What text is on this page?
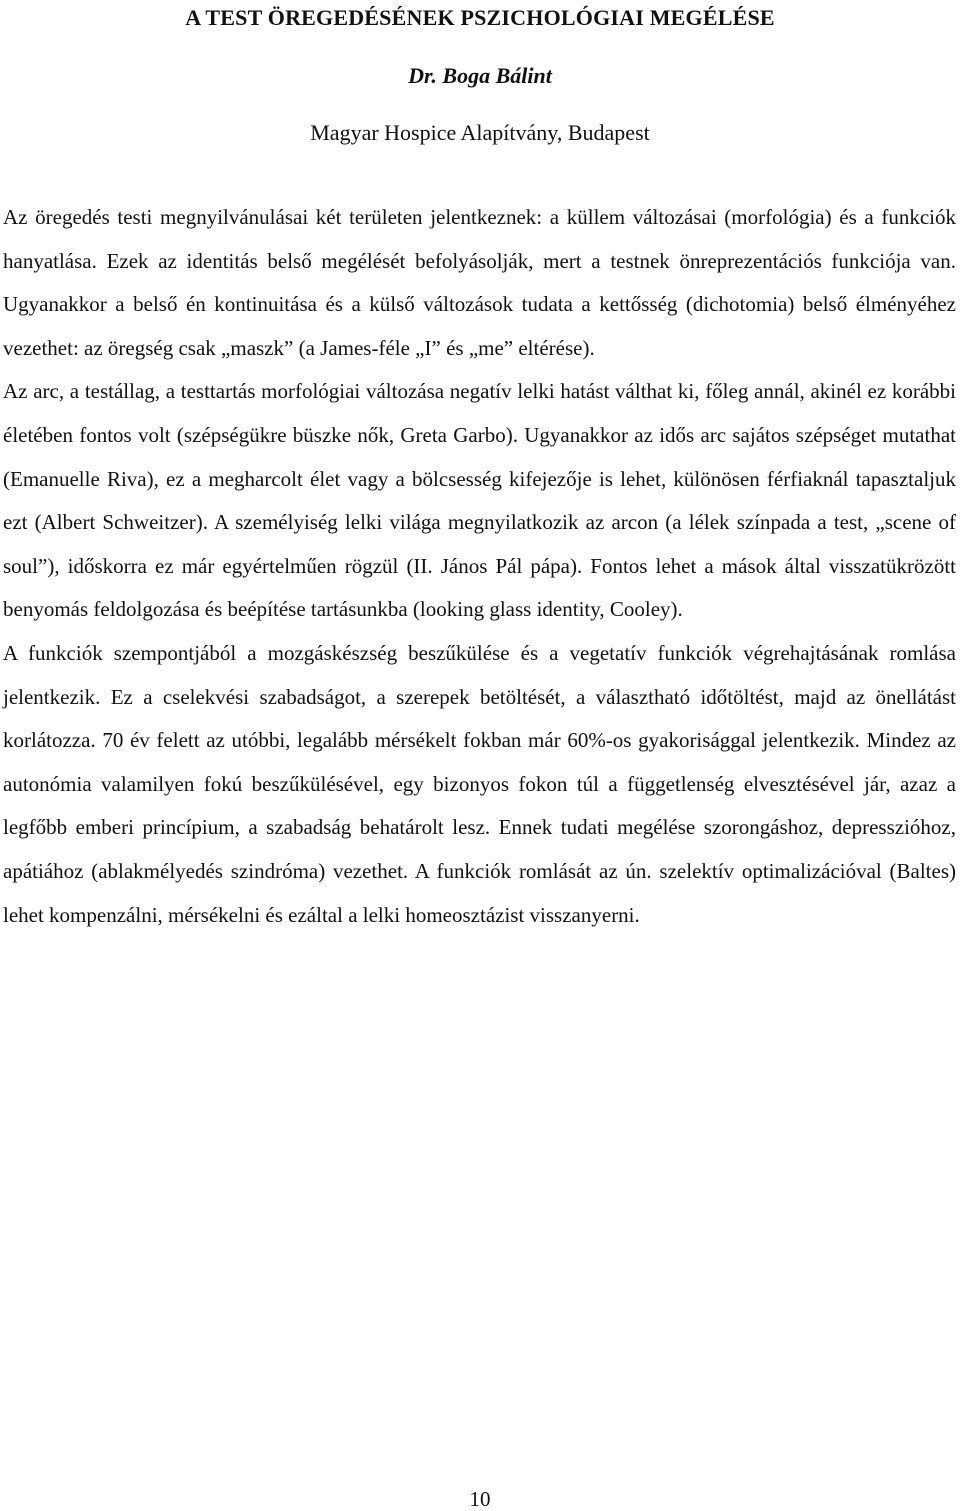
A TEST ÖREGEDÉSÉNEK PSZICHOLÓGIAI MEGÉLÉSE
Dr. Boga Bálint
Magyar Hospice Alapítvány, Budapest

Az öregedés testi megnyilvánulásai két területen jelentkeznek: a küllem változásai (morfológia) és a funkciók hanyatlása. Ezek az identitás belső megélését befolyásolják, mert a testnek önreprezentációs funkciója van. Ugyanakkor a belső én kontinuitása és a külső változások tudata a kettősség (dichotomia) belső élményéhez vezethet: az öregség csak „maszk” (a James-féle „I” és „me” eltérése).

Az arc, a testállag, a testtartás morfológiai változása negatív lelki hatást válthat ki, főleg annál, akinél ez korábbi életében fontos volt (szépségükre büszke nők, Greta Garbo). Ugyanakkor az idős arc sajátos szépséget mutathat (Emanuelle Riva), ez a megharcolt élet vagy a bölcsesség kifejezője is lehet, különösen férfiaknál tapasztaljuk ezt (Albert Schweitzer). A személyiség lelki világa megnyilatkozik az arcon (a lélek színpada a test, „scene of soul”), időskorra ez már egyértelműen rögzül (II. János Pál pápa). Fontos lehet a mások által visszatükrözött benyomás feldolgozása és beépítése tartásunkba (looking glass identity, Cooley).

A funkciók szempontjából a mozgáskészség beszűkülése és a vegetatív funkciók végrehajtásának romlása jelentkezik. Ez a cselekvési szabadságot, a szerepek betöltését, a választható időtöltést, majd az önellátást korlátozza. 70 év felett az utóbbi, legalább mérsékelt fokban már 60%-os gyakorisággal jelentkezik. Mindez az autonómia valamilyen fokú beszűkülésével, egy bizonyos fokon túl a függetlenség elvesztésével jár, azaz a legfőbb emberi princípium, a szabadság behatárolt lesz. Ennek tudati megélése szorongáshoz, depresszióhoz, apátiához (ablakmélyedés szindróma) vezethet. A funkciók romlását az ún. szelektív optimalizációval (Baltes) lehet kompenzálni, mérsékelni és ezáltal a lelki homeosztázist visszanyerni.

10
